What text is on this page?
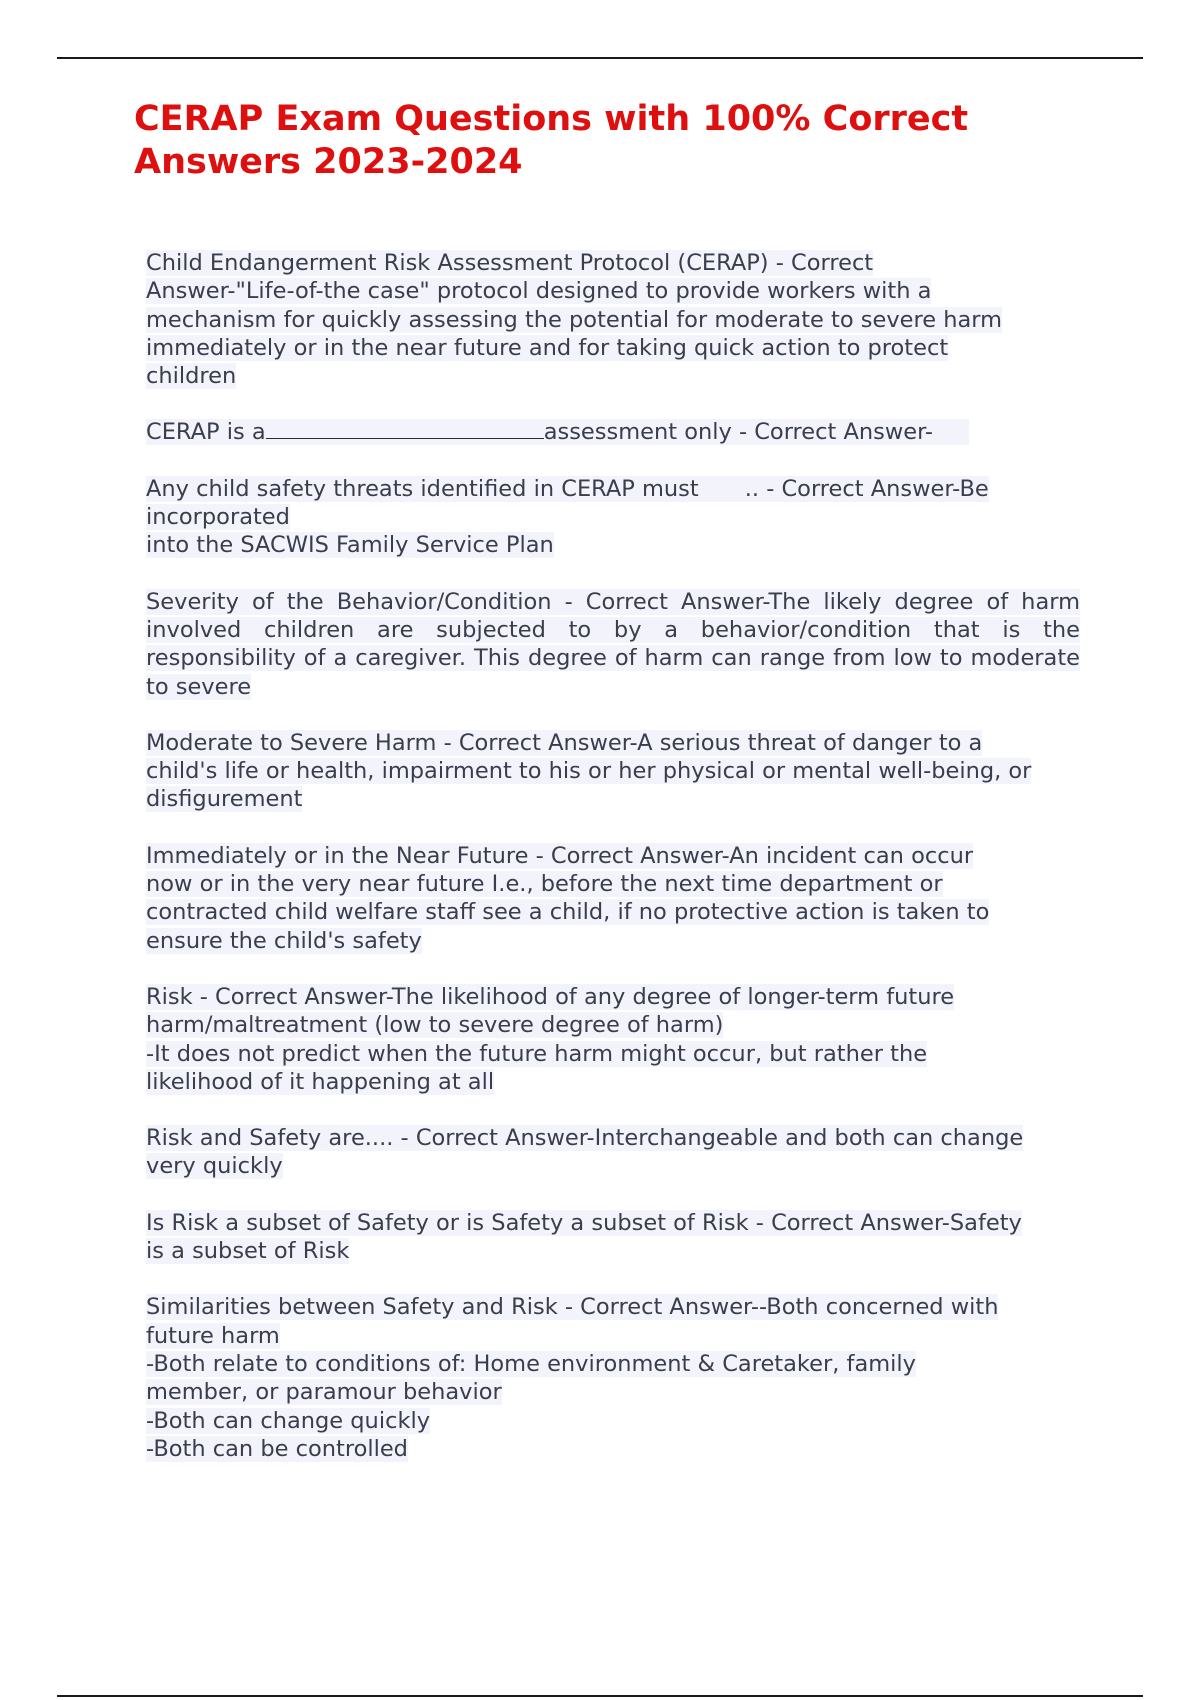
CERAP Exam Questions with 100% Correct Answers 2023-2024

Child Endangerment Risk Assessment Protocol (CERAP) - Correct
Answer-"Life-of-the case" protocol designed to provide workers with a
mechanism for quickly assessing the potential for moderate to severe harm
immediately or in the near future and for taking quick action to protect
children

CERAP is a	assessment only - Correct Answer-

Any child safety threats identified in CERAP must .. - Correct Answer-Be
incorporated
into the SACWIS Family Service Plan

Severity of the Behavior/Condition - Correct Answer-The likely degree of harm involved children are subjected to by a behavior/condition that is the responsibility of a caregiver. This degree of harm can range from low to moderate to severe

Moderate to Severe Harm - Correct Answer-A serious threat of danger to a
child's life or health, impairment to his or her physical or mental well-being, or
disfigurement

Immediately or in the Near Future - Correct Answer-An incident can occur
now or in the very near future I.e., before the next time department or
contracted child welfare staff see a child, if no protective action is taken to
ensure the child's safety

Risk - Correct Answer-The likelihood of any degree of longer-term future
harm/maltreatment (low to severe degree of harm)
-It does not predict when the future harm might occur, but rather the
likelihood of it happening at all

Risk and Safety are.... - Correct Answer-Interchangeable and both can change
very quickly

Is Risk a subset of Safety or is Safety a subset of Risk - Correct Answer-Safety
is a subset of Risk

Similarities between Safety and Risk - Correct Answer--Both concerned with
future harm
-Both relate to conditions of: Home environment & Caretaker, family
member, or paramour behavior
-Both can change quickly
-Both can be controlled
